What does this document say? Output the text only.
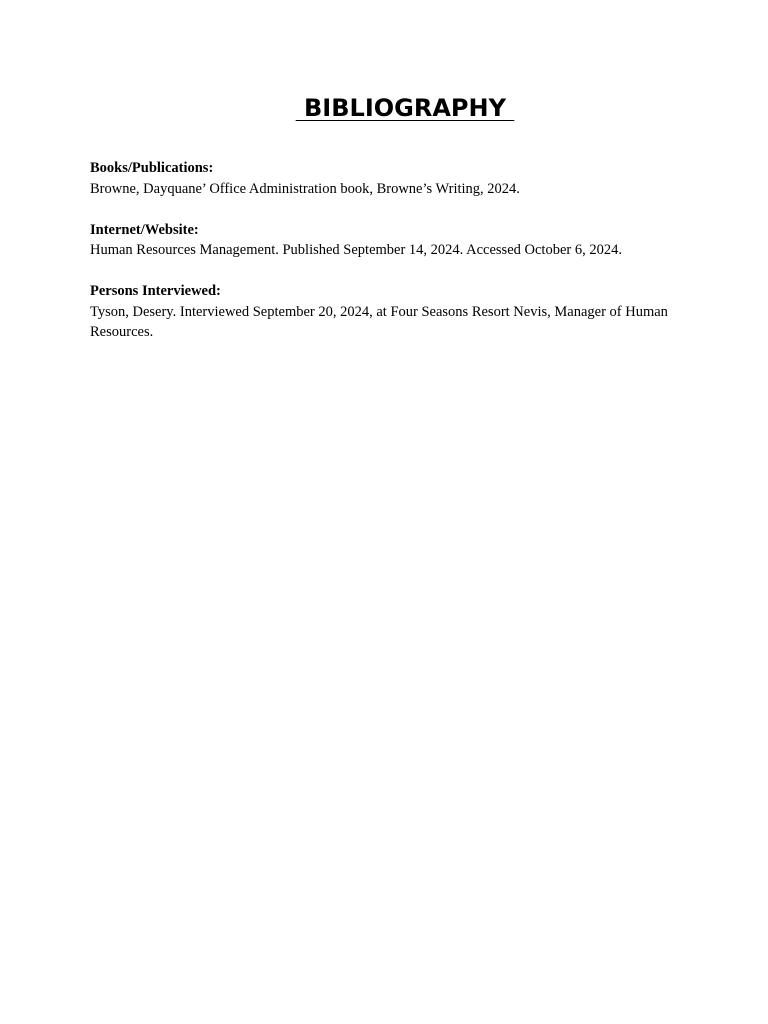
BIBLIOGRAPHY
Books/Publications:
Browne, Dayquane’ Office Administration book, Browne’s Writing, 2024.
Internet/Website:
Human Resources Management. Published September 14, 2024. Accessed October 6, 2024.
Persons Interviewed:
Tyson, Desery. Interviewed September 20, 2024, at Four Seasons Resort Nevis, Manager of Human Resources.
